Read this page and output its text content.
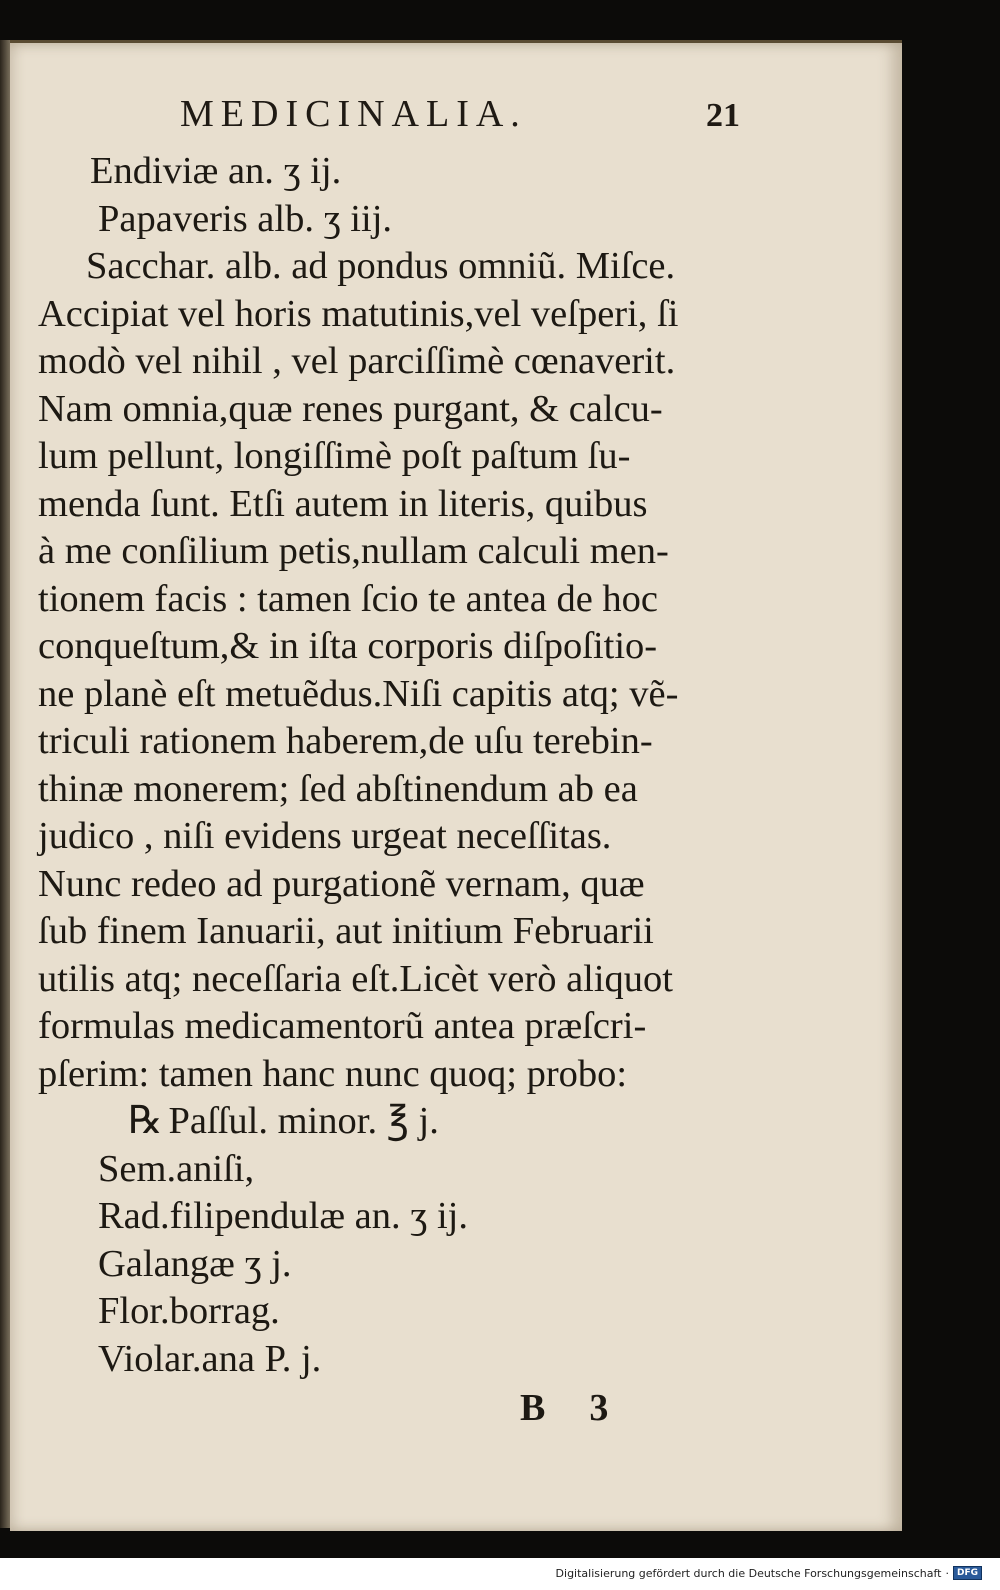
MEDICINALIA.	21
Endiviæ an. ʒ ij.
Papaveris alb. ʒ iij.
Sacchar. alb. ad pondus omniũ. Miſce.
Accipiat vel horis matutinis,vel veſperi, ſi
modò vel nihil , vel parciſſimè cœnaverit.
Nam omnia,quæ renes purgant, & calcu-
lum pellunt, longiſſimè poſt paſtum ſu-
menda ſunt. Etſi autem in literis, quibus
à me conſilium petis,nullam calculi men-
tionem facis : tamen ſcio te antea de hoc
conqueſtum,& in iſta corporis diſpoſitio-
ne planè eſt metuẽdus.Niſi capitis atq; vẽ-
triculi rationem haberem,de uſu terebin-
thinæ monerem; ſed abſtinendum ab ea
judico , niſi evidens urgeat neceſſitas.
Nunc redeo ad purgationẽ vernam, quæ
ſub finem Ianuarii, aut initium Februarii
utilis atq; neceſſaria eſt.Licèt verò aliquot
formulas medicamentorũ antea præſcri-
pſerim: tamen hanc nunc quoq; probo:
℞ Paſſul. minor. ℥ j.
Sem.aniſi,
Rad.filipendulæ an. ʒ ij.
Galangæ ʒ j.
Flor.borrag.
Violar.ana P. j.
B 3
Digitalisierung gefördert durch die Deutsche Forschungsgemeinschaft · DFG
